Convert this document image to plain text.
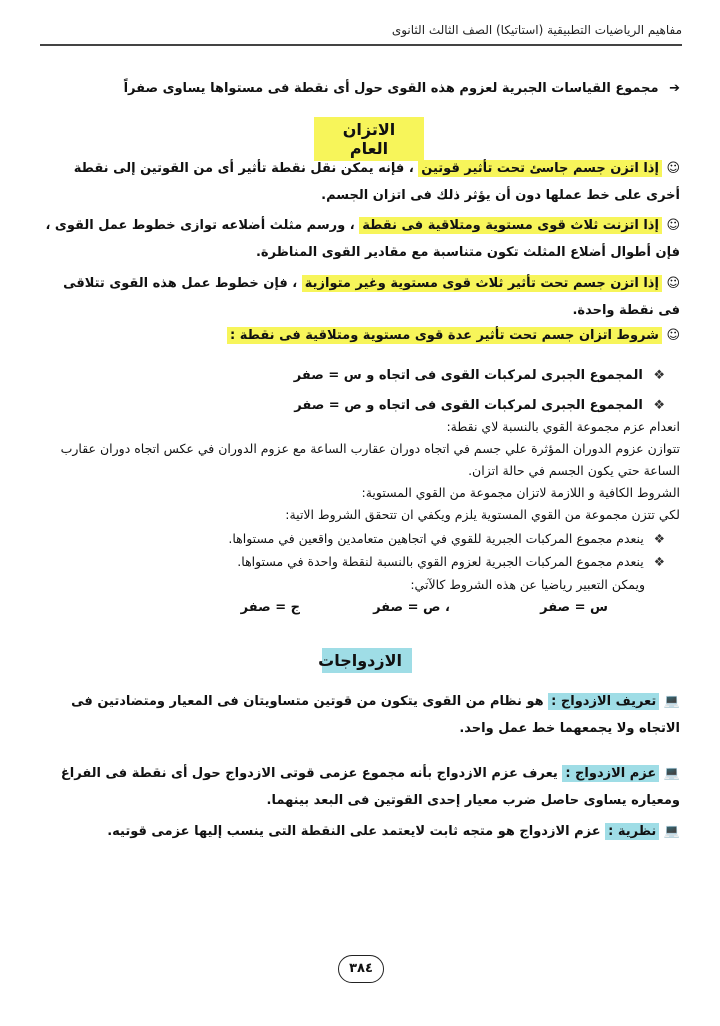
مفاهيم الرياضيات التطبيقية (استاتيكا) الصف الثالث الثانوى
➔ مجموع القياسات الجبرية لعزوم هذه القوى حول أى نقطة فى مستواها يساوى صفراً
الاتزان العام
☺ إذا اتزن جسم جاسئ تحت تأثير قوتين ، فإنه يمكن نقل نقطة تأثير أى من القوتين إلى نقطة أخرى على خط عملها دون أن يؤثر ذلك فى اتزان الجسم.
☺ إذا اتزنت ثلاث قوى مستوية ومتلاقية فى نقطة ، ورسم مثلث أضلاعه توازى خطوط عمل القوى ، فإن أطوال أضلاع المثلث تكون متناسبة مع مقادير القوى المناظرة.
☺ إذا اتزن جسم تحت تأثير ثلاث قوى مستوية وغير متوازية ، فإن خطوط عمل هذه القوى تتلاقى فى نقطة واحدة.
☺ شروط اتزان جسم تحت تأثير عدة قوى مستوية ومتلاقية فى نقطة :
❖ المجموع الجبرى لمركبات القوى فى اتجاه و س = صفر
❖ المجموع الجبرى لمركبات القوى فى اتجاه و ص = صفر
انعدام عزم مجموعة القوي بالنسبة لاي نقطة:
تتوازن عزوم الدوران المؤثرة علي جسم في اتجاه دوران عقارب الساعة مع عزوم الدوران في عكس اتجاه دوران عقارب الساعة حتي يكون الجسم في حالة اتزان.
الشروط الكافية و اللازمة لاتزان مجموعة من القوي المستوية:
لكي تتزن مجموعة من القوي المستوية يلزم ويكفي ان تتحقق الشروط الاتية:
❖ ينعدم مجموع المركبات الجبرية للقوي في اتجاهين متعامدين واقعين في مستواها.
❖ ينعدم مجموع المركبات الجبرية لعزوم القوي بالنسبة لنقطة واحدة في مستواها.
ويمكن التعبير رياضيا عن هذه الشروط كالآتي:
س = صفر
، ص = صفر
ج = صفر
الازدواجات
💻 تعريف الازدواج : هو نظام من القوى يتكون من قوتين متساويتان فى المعيار ومتضادتين فى الاتجاه ولا يجمعهما خط عمل واحد.
💻 عزم الازدواج : يعرف عزم الازدواج بأنه مجموع عزمى قوتى الازدواج حول أى نقطة فى الفراغ ومعياره يساوى حاصل ضرب معيار إحدى القوتين فى البعد بينهما.
💻 نظرية : عزم الازدواج هو متجه ثابت لايعتمد على النقطة التى ينسب إليها عزمى قوتيه.
٣٨٤
